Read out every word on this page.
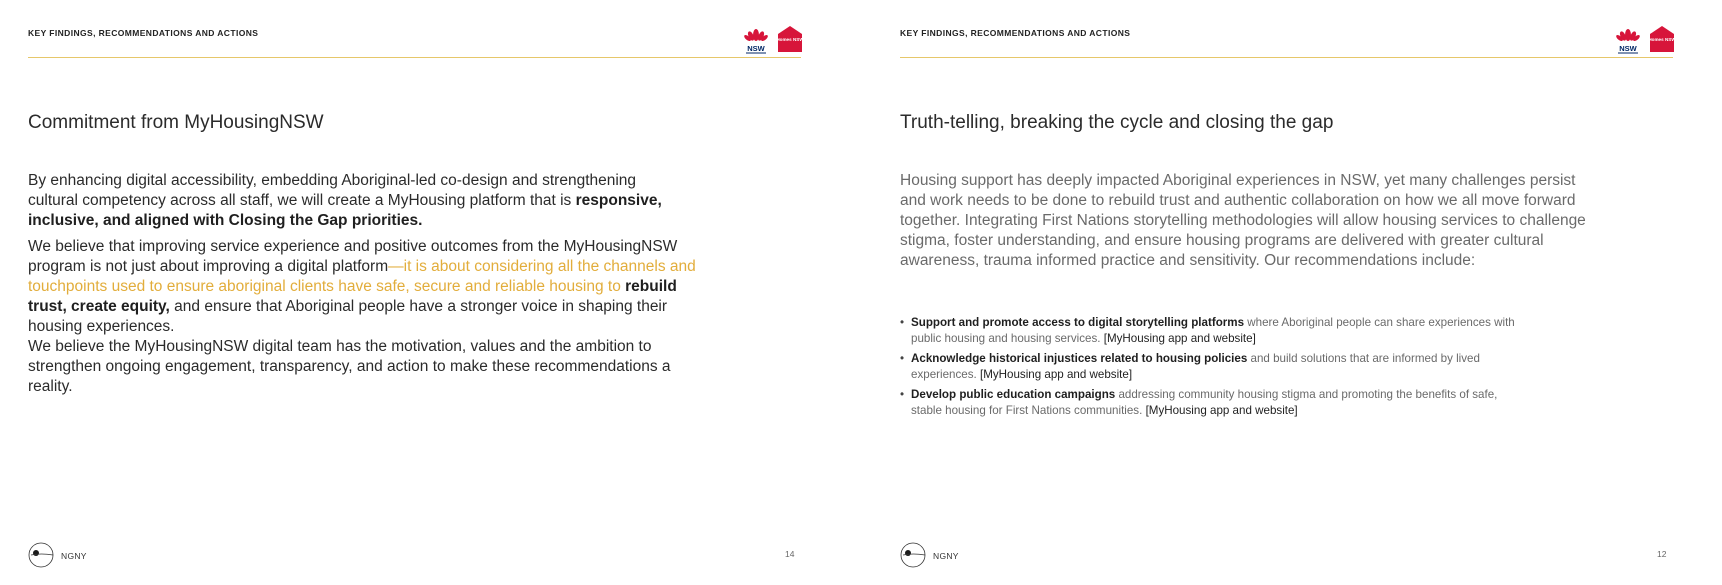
KEY FINDINGS, RECOMMENDATIONS AND ACTIONS
NSW
Homes NSW
Commitment from MyHousingNSW
By enhancing digital accessibility, embedding Aboriginal-led co-design and strengthening cultural competency across all staff, we will create a MyHousing platform that is responsive, inclusive, and aligned with Closing the Gap priorities.
We believe that improving service experience and positive outcomes from the MyHousingNSW program is not just about improving a digital platform—it is about considering all the channels and touchpoints used to ensure aboriginal clients have safe, secure and reliable housing to rebuild trust, create equity, and ensure that Aboriginal people have a stronger voice in shaping their housing experiences.
We believe the MyHousingNSW digital team has the motivation, values and the ambition to strengthen ongoing engagement, transparency, and action to make these recommendations a reality.
NGNY	14
KEY FINDINGS, RECOMMENDATIONS AND ACTIONS
NSW
Homes NSW
Truth-telling, breaking the cycle and closing the gap
Housing support has deeply impacted Aboriginal experiences in NSW, yet many challenges persist and work needs to be done to rebuild trust and authentic collaboration on how we all move forward together. Integrating First Nations storytelling methodologies will allow housing services to challenge stigma, foster understanding, and ensure housing programs are delivered with greater cultural awareness, trauma informed practice and sensitivity. Our recommendations include:
• Support and promote access to digital storytelling platforms where Aboriginal people can share experiences with public housing and housing services. [MyHousing app and website]
• Acknowledge historical injustices related to housing policies and build solutions that are informed by lived experiences. [MyHousing app and website]
• Develop public education campaigns addressing community housing stigma and promoting the benefits of safe, stable housing for First Nations communities. [MyHousing app and website]
NGNY	12
